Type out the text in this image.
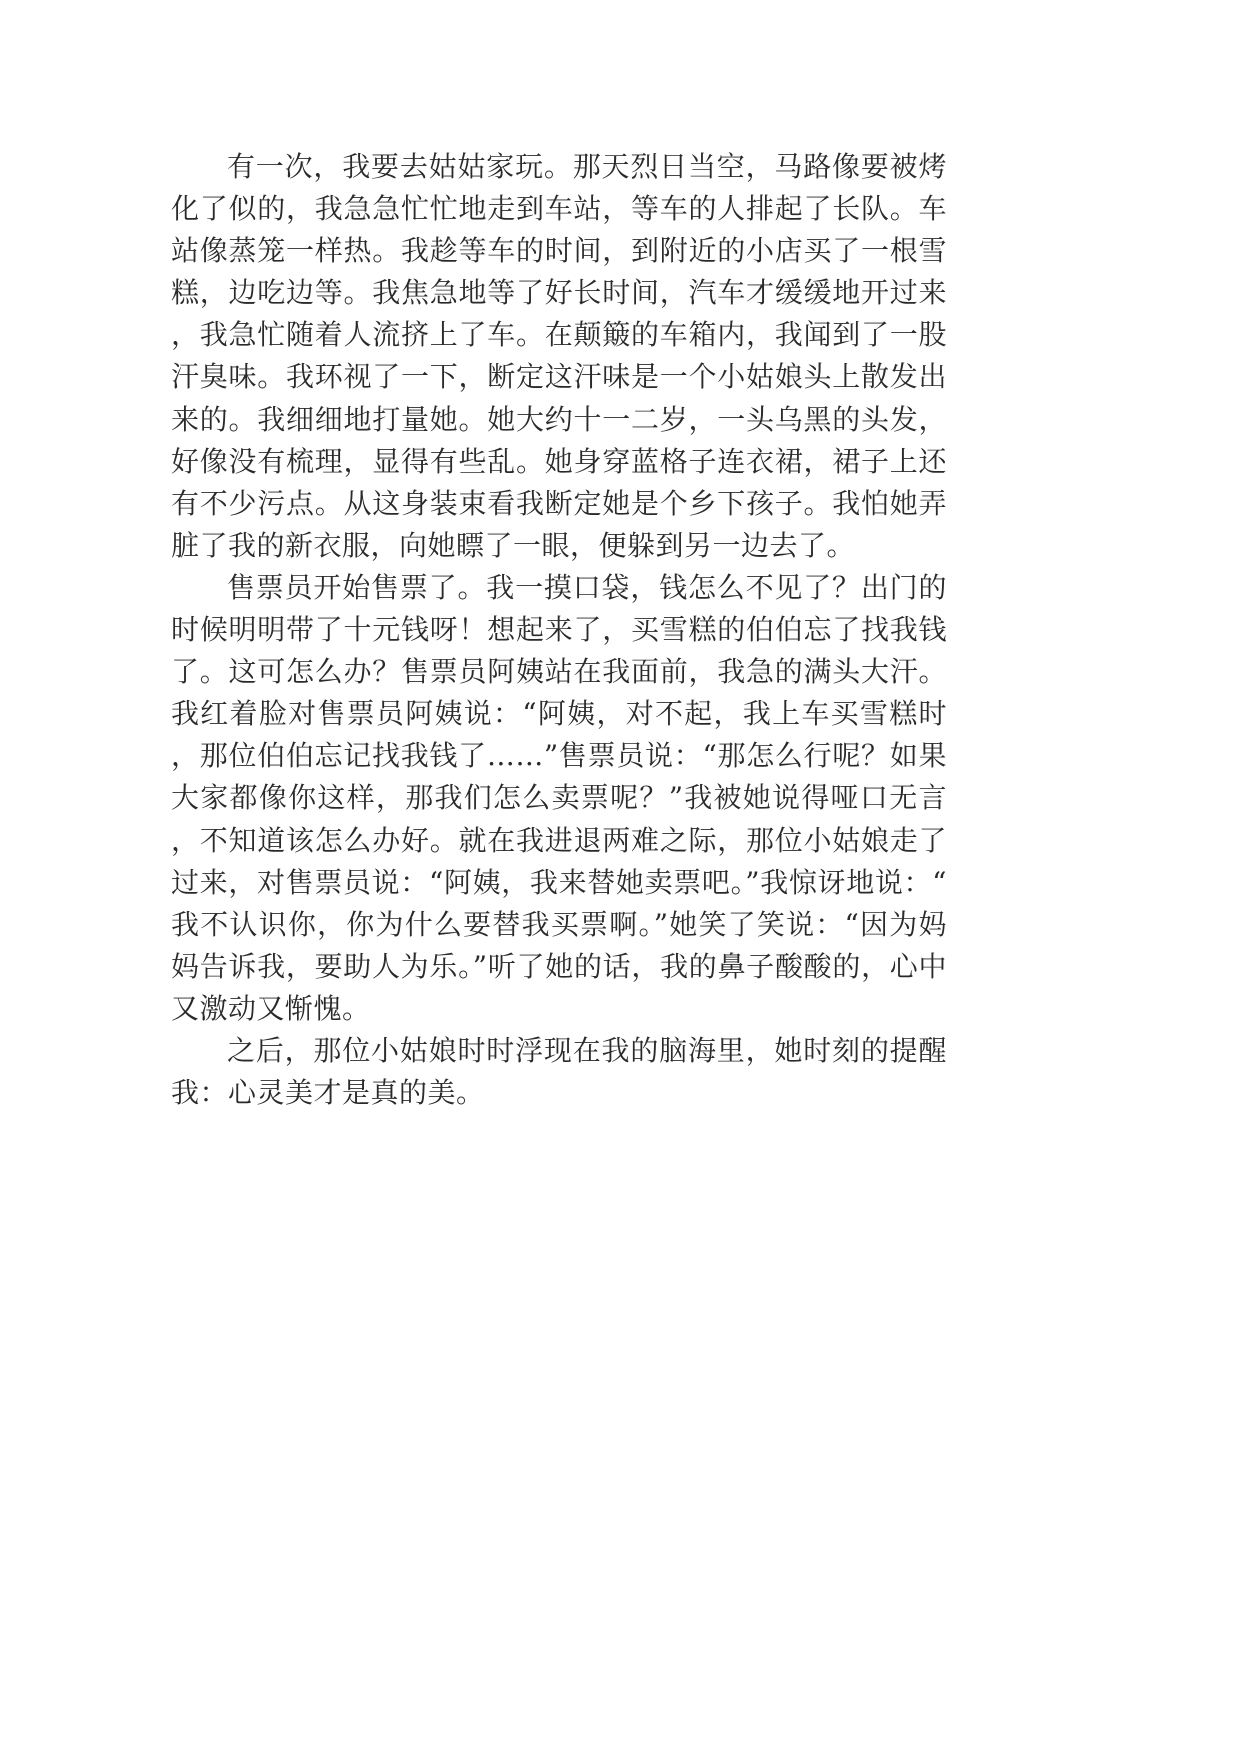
有一次，我要去姑姑家玩。那天烈日当空，马路像要被烤化了似的，我急急忙忙地走到车站，等车的人排起了长队。车站像蒸笼一样热。我趁等车的时间，到附近的小店买了一根雪糕，边吃边等。我焦急地等了好长时间，汽车才缓缓地开过来，我急忙随着人流挤上了车。在颠簸的车箱内，我闻到了一股汗臭味。我环视了一下，断定这汗味是一个小姑娘头上散发出来的。我细细地打量她。她大约十一二岁，一头乌黑的头发，好像没有梳理，显得有些乱。她身穿蓝格子连衣裙，裙子上还有不少污点。从这身装束看我断定她是个乡下孩子。我怕她弄脏了我的新衣服，向她瞟了一眼，便躲到另一边去了。

售票员开始售票了。我一摸口袋，钱怎么不见了？出门的时候明明带了十元钱呀！想起来了，买雪糕的伯伯忘了找我钱了。这可怎么办？售票员阿姨站在我面前，我急的满头大汗。我红着脸对售票员阿姨说：“阿姨，对不起，我上车买雪糕时，那位伯伯忘记找我钱了……”售票员说：“那怎么行呢？如果大家都像你这样，那我们怎么卖票呢？”我被她说得哑口无言，不知道该怎么办好。就在我进退两难之际，那位小姑娘走了过来，对售票员说：“阿姨，我来替她卖票吧。”我惊讶地说：“我不认识你，你为什么要替我买票啊。”她笑了笑说：“因为妈妈告诉我，要助人为乐。”听了她的话，我的鼻子酸酸的，心中又激动又惭愧。

之后，那位小姑娘时时浮现在我的脑海里，她时刻的提醒我：心灵美才是真的美。
